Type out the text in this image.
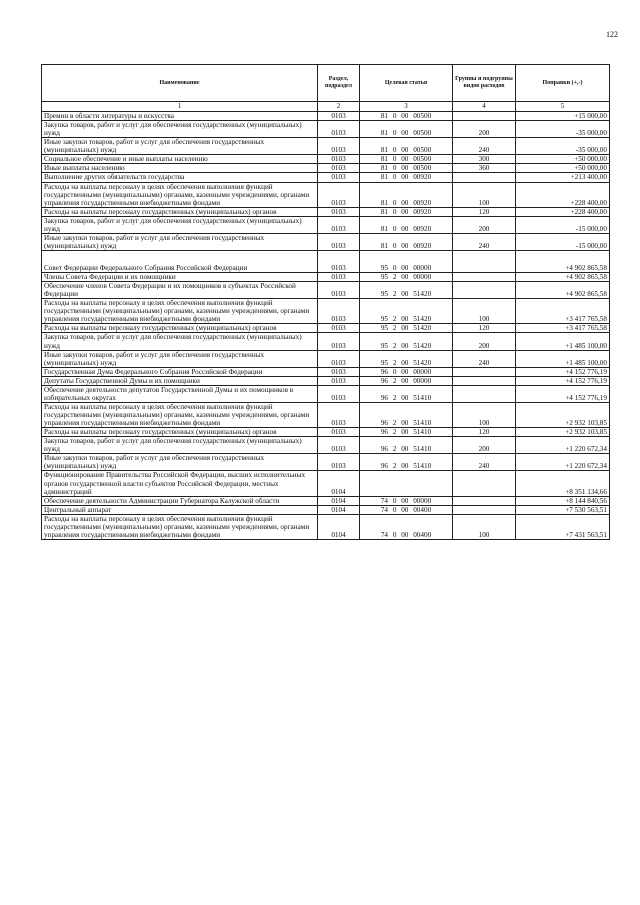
122
Наименование	Раздел, подраздел	Целевая статья	Группы и подгруппы видов расходов	Поправки (+,-)
1	2	3	4	5
Премии в области литературы и искусства	0103	81 0 00 00500		+15 000,00
Закупка товаров, работ и услуг для обеспечения государственных (муниципальных) нужд	0103	81 0 00 00500	200	-35 000,00
Иные закупки товаров, работ и услуг для обеспечения государственных (муниципальных) нужд	0103	81 0 00 00500	240	-35 000,00
Социальное обеспечение и иные выплаты населению	0103	81 0 00 00500	300	+50 000,00
Иные выплаты населению	0103	81 0 00 00500	360	+50 000,00
Выполнение других обязательств государства	0103	81 0 00 00920		+213 400,00
Расходы на выплаты персоналу в целях обеспечения выполнения функций государственными (муниципальными) органами, казенными учреждениями, органами управления государственными внебюджетными фондами	0103	81 0 00 00920	100	+228 400,00
Расходы на выплаты персоналу государственных (муниципальных) органов	0103	81 0 00 00920	120	+228 400,00
Закупка товаров, работ и услуг для обеспечения государственных (муниципальных) нужд	0103	81 0 00 00920	200	-15 000,00
Иные закупки товаров, работ и услуг для обеспечения государственных (муниципальных) нужд	0103	81 0 00 00920	240	-15 000,00
Совет Федерации Федерального Собрания Российской Федерации	0103	95 0 00 00000		+4 902 865,58
Члены Совета Федерации и их помощники	0103	95 2 00 00000		+4 902 865,58
Обеспечение членов Совета Федерации и их помощников в субъектах Российской Федерации	0103	95 2 00 51420		+4 902 865,58
Расходы на выплаты персоналу в целях обеспечения выполнения функций государственными (муниципальными) органами, казенными учреждениями, органами управления государственными внебюджетными фондами	0103	95 2 00 51420	100	+3 417 765,58
Расходы на выплаты персоналу государственных (муниципальных) органов	0103	95 2 00 51420	120	+3 417 765,58
Закупка товаров, работ и услуг для обеспечения государственных (муниципальных) нужд	0103	95 2 00 51420	200	+1 485 100,00
Иные закупки товаров, работ и услуг для обеспечения государственных (муниципальных) нужд	0103	95 2 00 51420	240	+1 485 100,00
Государственная Дума Федерального Собрания Российской Федерации	0103	96 0 00 00000		+4 152 776,19
Депутаты Государственной Думы и их помощники	0103	96 2 00 00000		+4 152 776,19
Обеспечение деятельности депутатов Государственной Думы и их помощников в избирательных округах	0103	96 2 00 51410		+4 152 776,19
Расходы на выплаты персоналу в целях обеспечения выполнения функций государственными (муниципальными) органами, казенными учреждениями, органами управления государственными внебюджетными фондами	0103	96 2 00 51410	100	+2 932 103,85
Расходы на выплаты персоналу государственных (муниципальных) органов	0103	96 2 00 51410	120	+2 932 103,85
Закупка товаров, работ и услуг для обеспечения государственных (муниципальных) нужд	0103	96 2 00 51410	200	+1 220 672,34
Иные закупки товаров, работ и услуг для обеспечения государственных (муниципальных) нужд	0103	96 2 00 51410	240	+1 220 672,34
Функционирование Правительства Российской Федерации, высших исполнительных органов государственной власти субъектов Российской Федерации, местных администраций	0104			+8 351 134,66
Обеспечение деятельности Администрации Губернатора Калужской области	0104	74 0 00 00000		+8 144 840,56
Центральный аппарат	0104	74 0 00 00400		+7 530 563,51
Расходы на выплаты персоналу в целях обеспечения выполнения функций государственными (муниципальными) органами, казенными учреждениями, органами управления государственными внебюджетными фондами	0104	74 0 00 00400	100	+7 431 563,51
